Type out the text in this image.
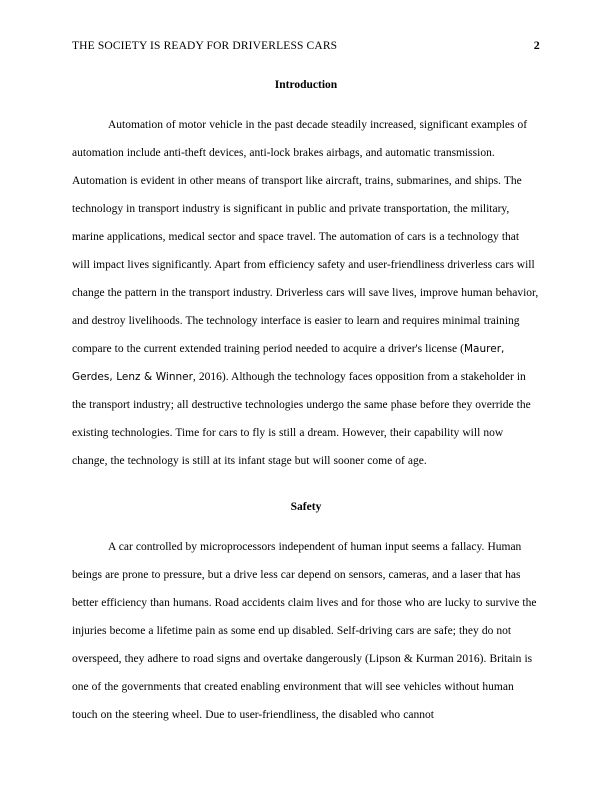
THE SOCIETY IS READY FOR DRIVERLESS CARS	2
Introduction

Automation of motor vehicle in the past decade steadily increased, significant examples of automation include anti-theft devices, anti-lock brakes airbags, and automatic transmission. Automation is evident in other means of transport like aircraft, trains, submarines, and ships. The technology in transport industry is significant in public and private transportation, the military, marine applications, medical sector and space travel. The automation of cars is a technology that will impact lives significantly. Apart from efficiency safety and user-friendliness driverless cars will change the pattern in the transport industry. Driverless cars will save lives, improve human behavior, and destroy livelihoods. The technology interface is easier to learn and requires minimal training compare to the current extended training period needed to acquire a driver's license (Maurer, Gerdes, Lenz & Winner, 2016). Although the technology faces opposition from a stakeholder in the transport industry; all destructive technologies undergo the same phase before they override the existing technologies. Time for cars to fly is still a dream. However, their capability will now change, the technology is still at its infant stage but will sooner come of age.

Safety

A car controlled by microprocessors independent of human input seems a fallacy. Human beings are prone to pressure, but a drive less car depend on sensors, cameras, and a laser that has better efficiency than humans. Road accidents claim lives and for those who are lucky to survive the injuries become a lifetime pain as some end up disabled. Self-driving cars are safe; they do not overspeed, they adhere to road signs and overtake dangerously (Lipson & Kurman 2016). Britain is one of the governments that created enabling environment that will see vehicles without human touch on the steering wheel. Due to user-friendliness, the disabled who cannot
